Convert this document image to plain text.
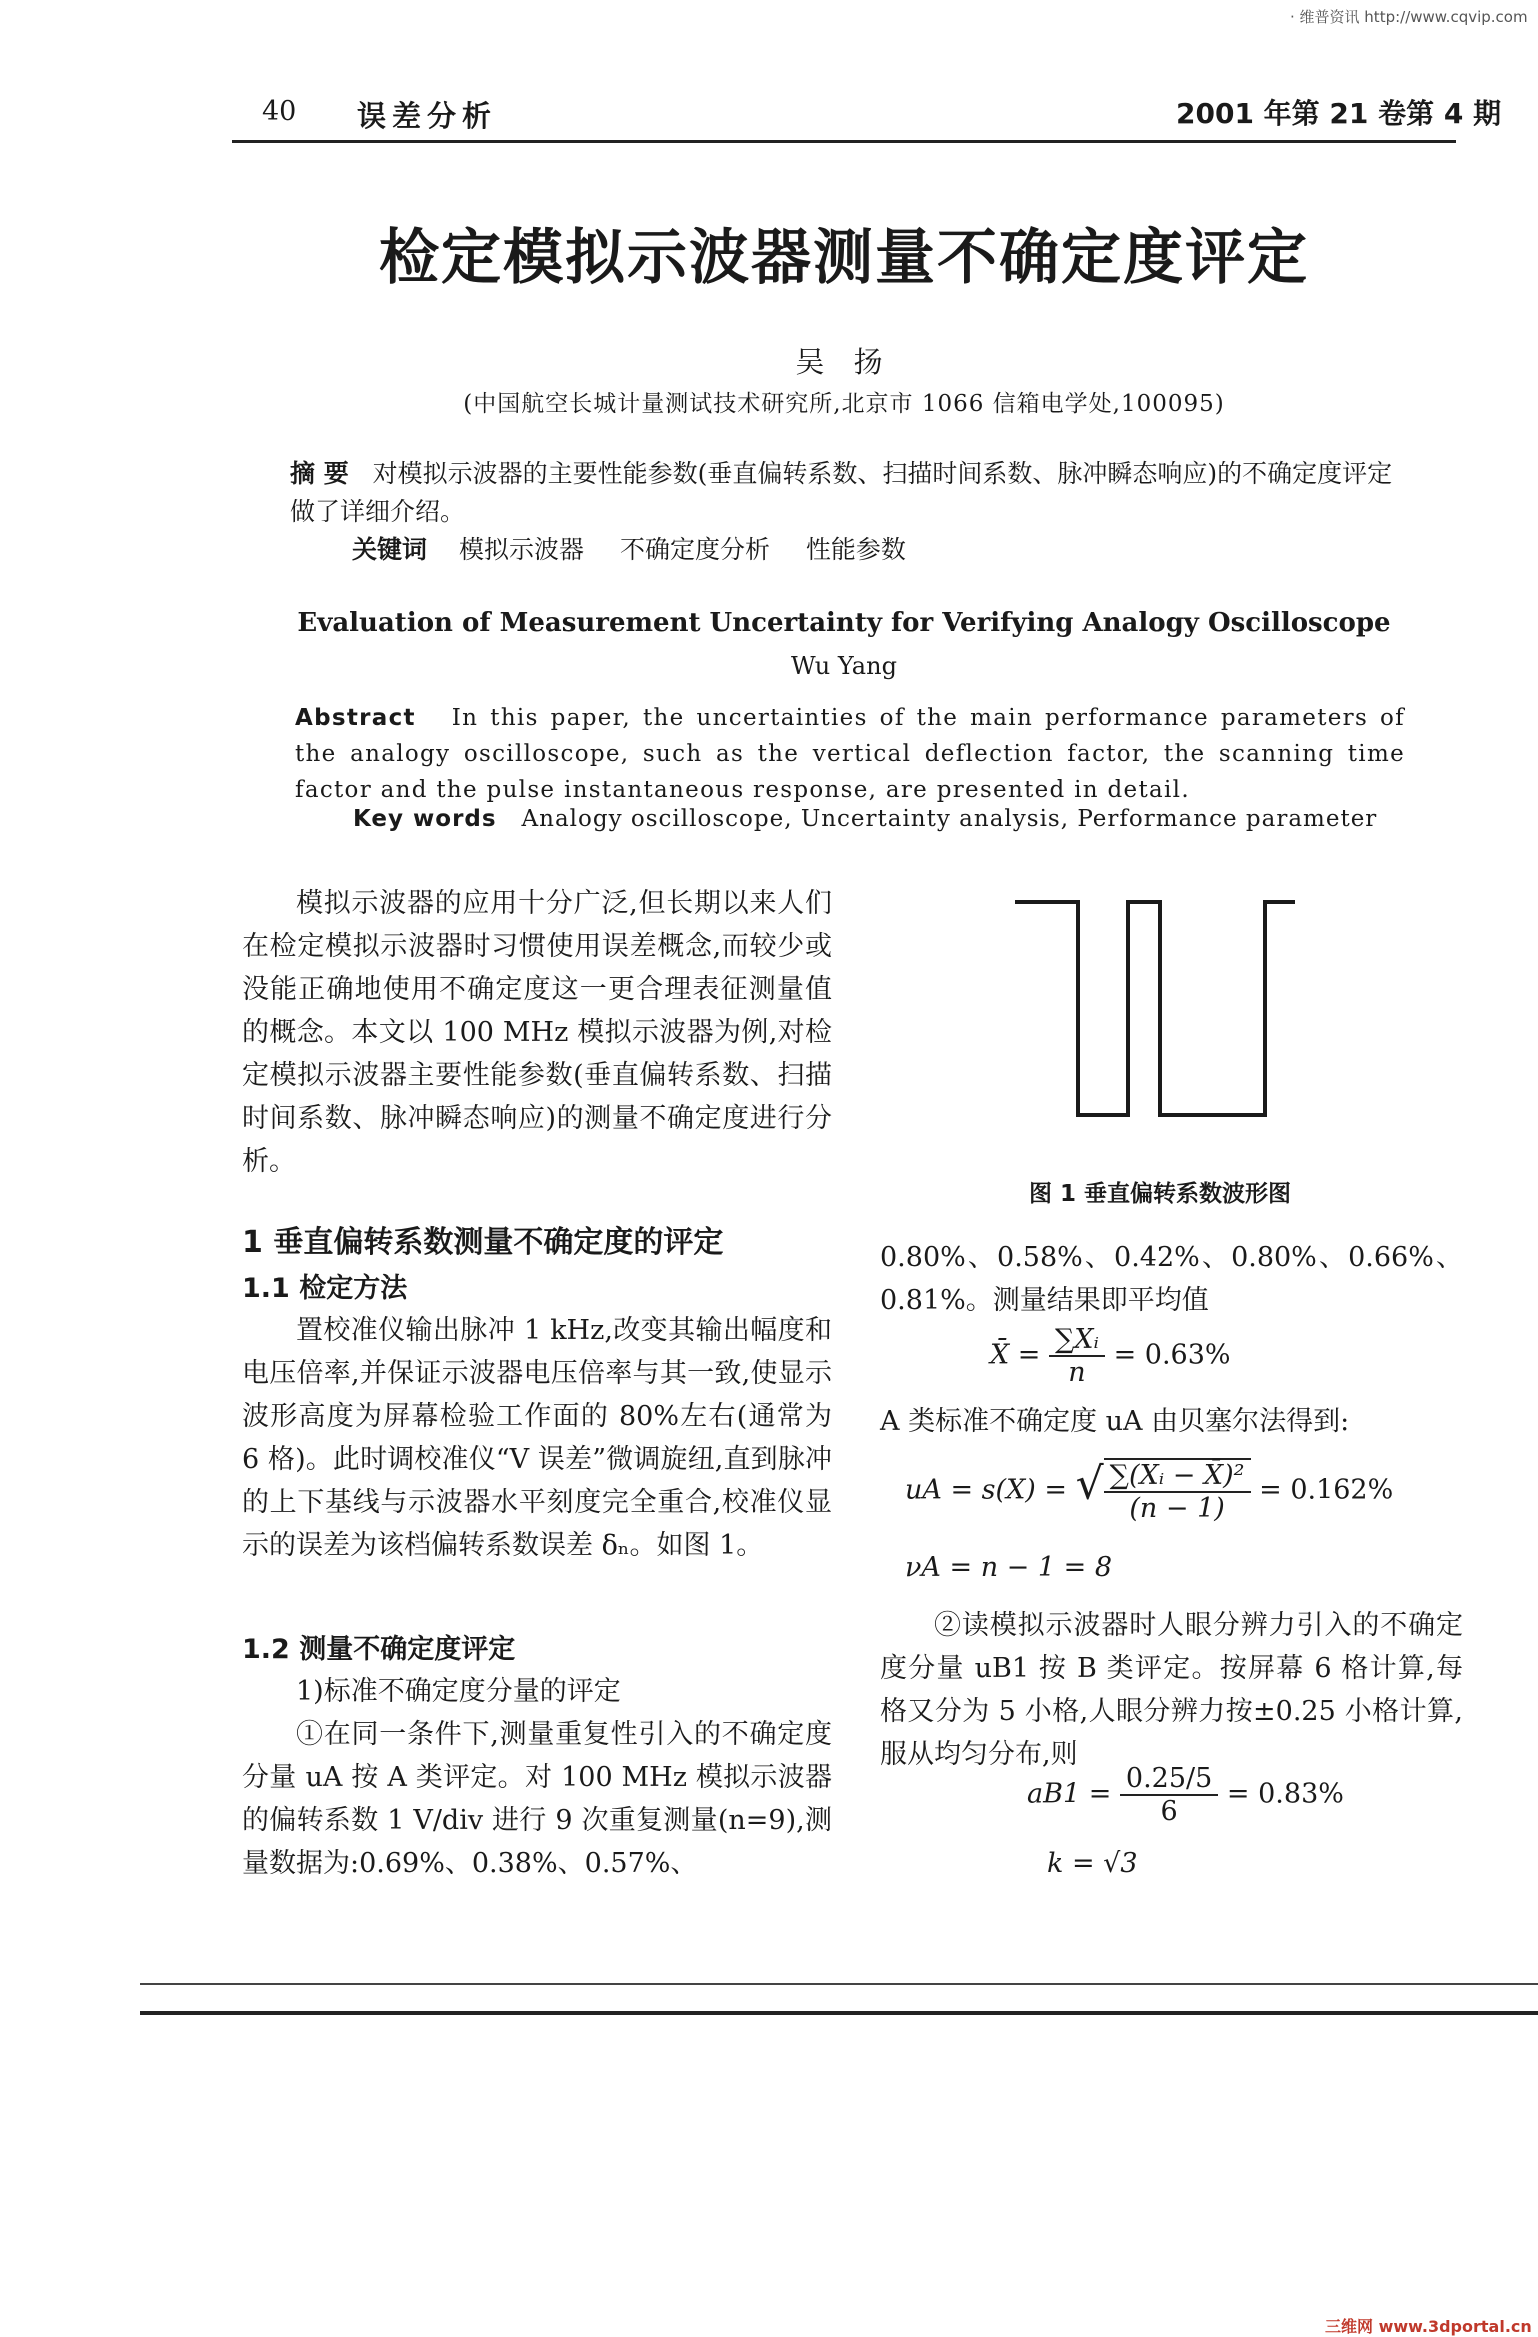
· 维普资讯 http://www.cqvip.com
40 误差分析	2001 年第 21 卷第 4 期
检定模拟示波器测量不确定度评定
吴 扬
(中国航空长城计量测试技术研究所,北京市 1066 信箱电学处,100095)
摘 要 对模拟示波器的主要性能参数(垂直偏转系数、扫描时间系数、脉冲瞬态响应)的不确定度评定做了详细介绍。
关键词 模拟示波器 不确定度分析 性能参数
Evaluation of Measurement Uncertainty for Verifying Analogy Oscilloscope
Wu Yang
Abstract In this paper, the uncertainties of the main performance parameters of the analogy oscilloscope, such as the vertical deflection factor, the scanning time factor and the pulse instantaneous response, are presented in detail.
Key words Analogy oscilloscope, Uncertainty analysis, Performance parameter

模拟示波器的应用十分广泛,但长期以来人们在检定模拟示波器时习惯使用误差概念,而较少或没能正确地使用不确定度这一更合理表征测量值的概念。本文以 100 MHz 模拟示波器为例,对检定模拟示波器主要性能参数(垂直偏转系数、扫描时间系数、脉冲瞬态响应)的测量不确定度进行分析。

1 垂直偏转系数测量不确定度的评定
1.1 检定方法

置校准仪输出脉冲 1 kHz,改变其输出幅度和电压倍率,并保证示波器电压倍率与其一致,使显示波形高度为屏幕检验工作面的 80%左右(通常为 6 格)。此时调校准仪“V 误差”微调旋纽,直到脉冲的上下基线与示波器水平刻度完全重合,校准仪显示的误差为该档偏转系数误差 δₙ。如图 1。

1.2 测量不确定度评定

1)标准不确定度分量的评定

①在同一条件下,测量重复性引入的不确定度分量 uA 按 A 类评定。对 100 MHz 模拟示波器的偏转系数 1 V/div 进行 9 次重复测量(n=9),测量数据为:0.69%、0.38%、0.57%、

图 1 垂直偏转系数波形图

0.80%、0.58%、0.42%、0.80%、0.66%、0.81%。测量结果即平均值

X̄ = $\frac{\text{∑Xᵢ}}{n} = 0.63\%$

A 类标准不确定度 uA 由贝塞尔法得到:

uA = s(X) = √ $\frac{\text{∑(Xᵢ − X̄)²}}{(n - 1)} = 0.162\%$
νA = n − 1 = 8

②读模拟示波器时人眼分辨力引入的不确定度分量 uB1 按 B 类评定。按屏幕 6 格计算,每格又分为 5 小格,人眼分辨力按±0.25 小格计算,服从均匀分布,则

$aB1 = \frac{0.25/5}{6} = 0.83\%$
k = √3
三维网 www.3dportal.cn
